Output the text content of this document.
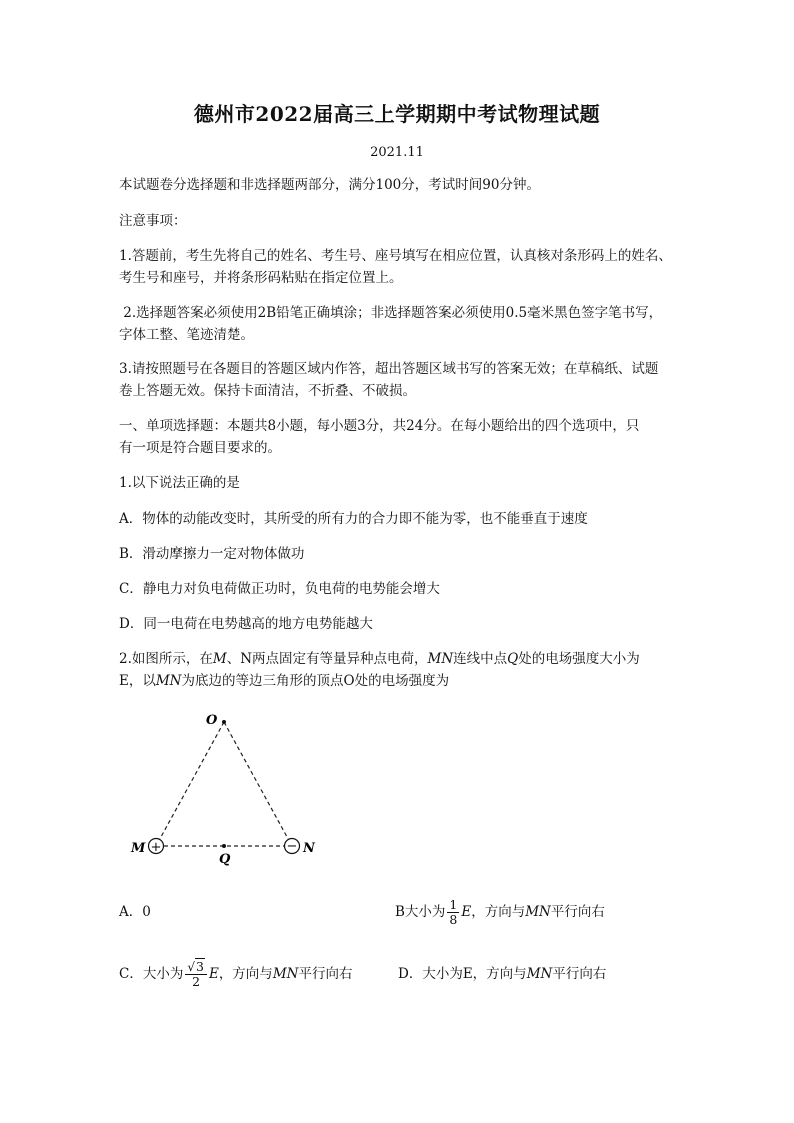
德州市2022届高三上学期期中考试物理试题
2021.11
本试题卷分选择题和非选择题两部分，满分100分，考试时间90分钟。
注意事项：
1.答题前，考生先将自己的姓名、考生号、座号填写在相应位置，认真核对条形码上的姓名、
考生号和座号，并将条形码粘贴在指定位置上。
2.选择题答案必须使用2B铅笔正确填涂；非选择题答案必须使用0.5毫米黑色签字笔书写，
字体工整、笔迹清楚。
3.请按照题号在各题目的答题区域内作答，超出答题区域书写的答案无效；在草稿纸、试题
卷上答题无效。保持卡面清洁，不折叠、不破损。
一、单项选择题：本题共8小题，每小题3分，共24分。在每小题给出的四个选项中，只
有一项是符合题目要求的。
1.以下说法正确的是
A．物体的动能改变时，其所受的所有力的合力即不能为零，也不能垂直于速度
B．滑动摩擦力一定对物体做功
C．静电力对负电荷做正功时，负电荷的电势能会增大
D．同一电荷在电势越高的地方电势能越大
2.如图所示，在M、N两点固定有等量异种点电荷，MN连线中点Q处的电场强度大小为
E，以MN为底边的等边三角形的顶点O处的电场强度为
+	−
O
M	N
Q
A．0	B大小为 $\frac{1}{8}$ E，方向与MN平行向右
C．大小为 $\frac{√3}{2}$ E，方向与MN平行向右	D．大小为E，方向与MN平行向右
